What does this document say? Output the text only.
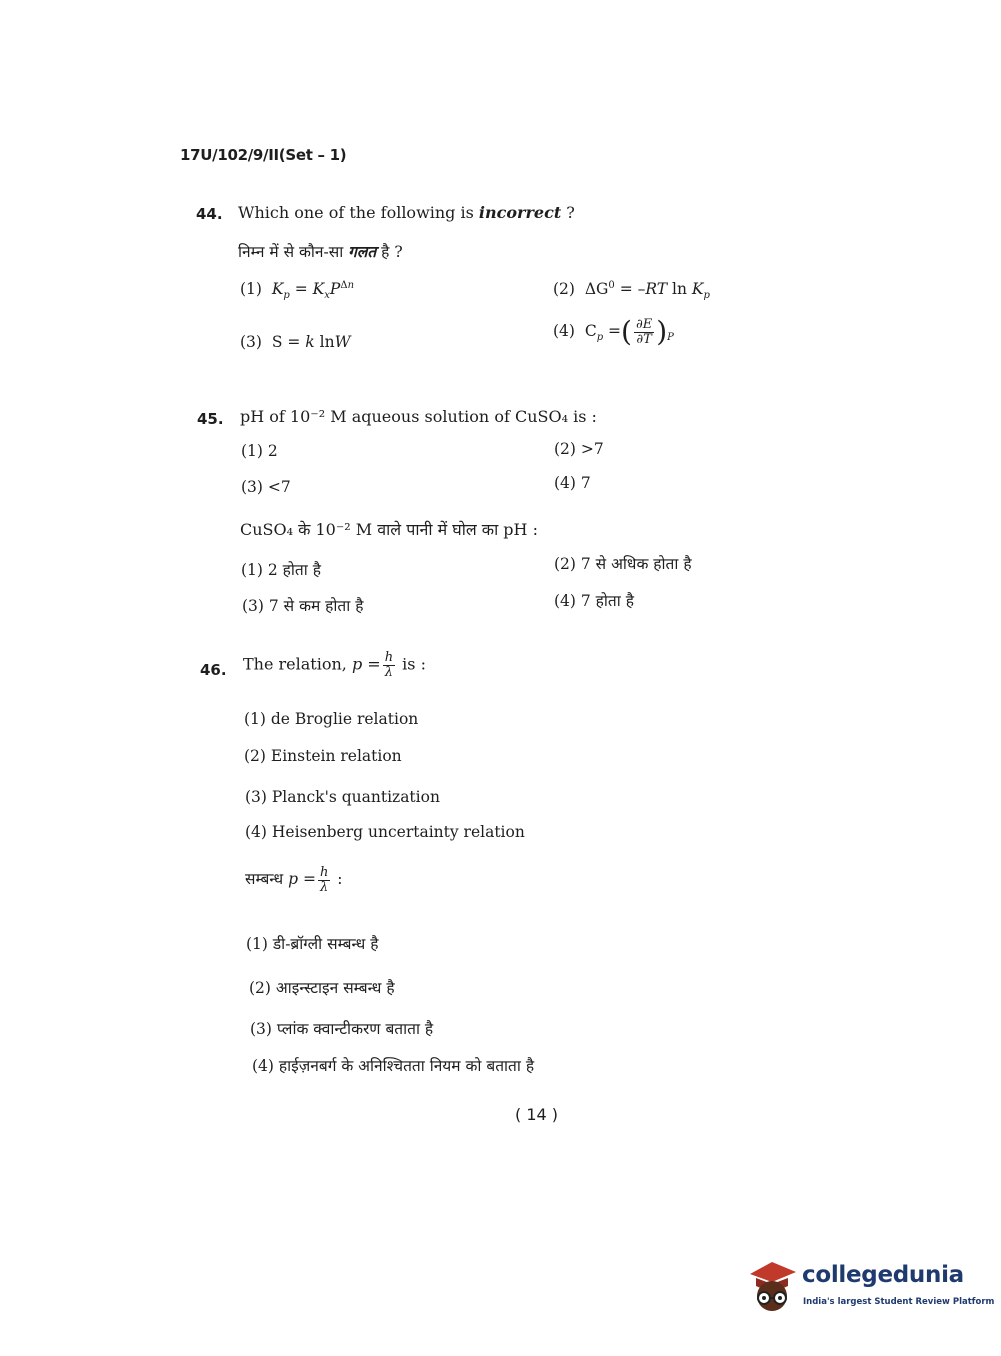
17U/102/9/II(Set – 1)
44. Which one of the following is incorrect ?
निम्न में से कौन-सा गलत है ?
(1) $K_p = K_xP^{\Delta n}$	(2) $\Delta G^0 = -RT$ $\ln K_p$
(3) S = k lnW
(4) $C_p$ =( $\frac{\partial E}{\partial T} )_P$
45. pH of 10⁻² M aqueous solution of CuSO₄ is :
(1) 2	(2) >7
(3) <7	(4) 7
CuSO₄ के 10⁻² M वाले पानी में घोल का pH :
(1) 2 होता है	(2) 7 से अधिक होता है
(3) 7 से कम होता है	(4) 7 होता है
46. The relation, $p = \frac{h}{\lambda}$ is :
(1) de Broglie relation
(2) Einstein relation
(3) Planck's quantization
(4) Heisenberg uncertainty relation
सम्बन्ध $p = \frac{h}{\lambda}$ :
(1) डी-ब्रॉग्ली सम्बन्ध है
(2) आइन्स्टाइन सम्बन्ध है
(3) प्लांक क्वान्टीकरण बताता है
(4) हाईज़नबर्ग के अनिश्चितता नियम को बताता है
( 14 )
collegedunia
India's largest Student Review Platform
